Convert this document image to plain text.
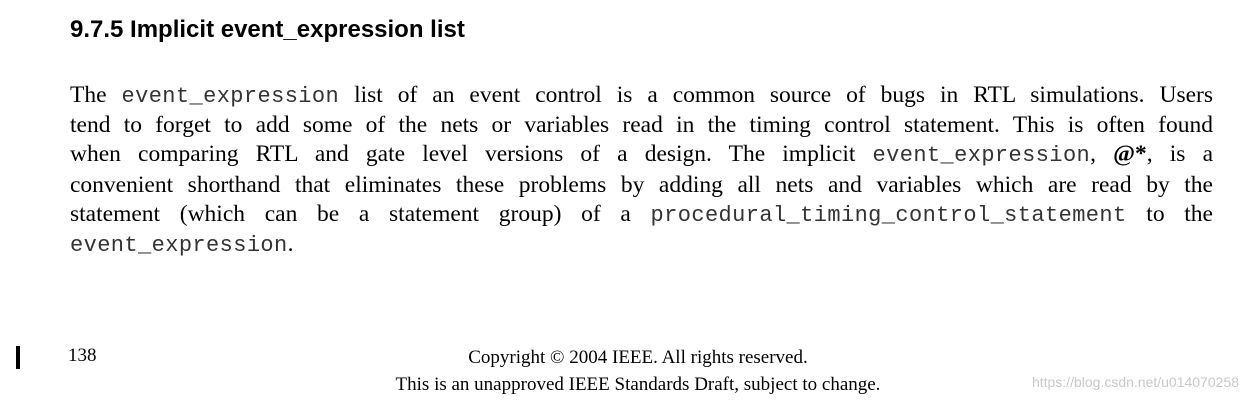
9.7.5 Implicit event_expression list
The event_expression list of an event control is a common source of bugs in RTL simulations. Users
tend to forget to add some of the nets or variables read in the timing control statement. This is often found
when comparing RTL and gate level versions of a design. The implicit event_expression, @*, is a
convenient shorthand that eliminates these problems by adding all nets and variables which are read by the
statement (which can be a statement group) of a procedural_timing_control_statement to the
event_expression.
138	Copyright © 2004 IEEE. All rights reserved.
This is an unapproved IEEE Standards Draft, subject to change.	https://blog.csdn.net/u014070258
